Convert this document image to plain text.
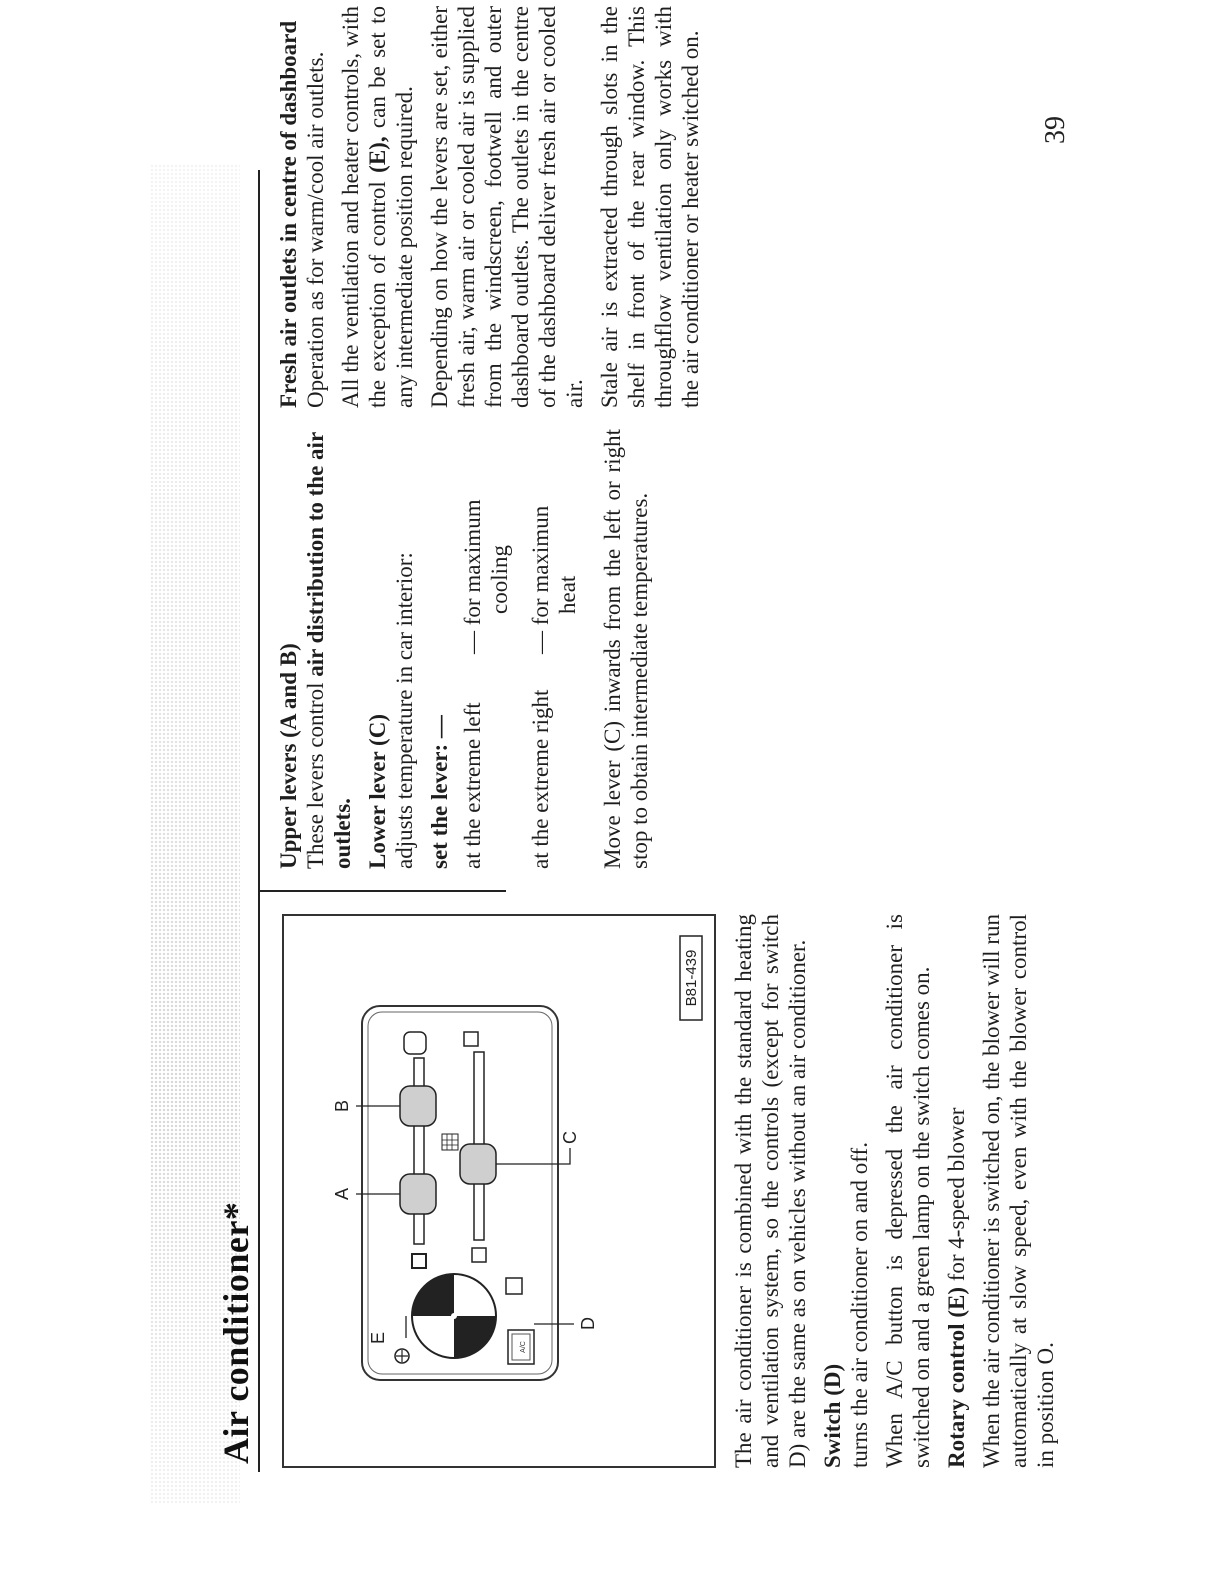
Air conditioner*
A/C
E
A
B
C
D
B81-439 The air conditioner is combined with the standard heating and ventilation system, so the controls (except for switch D) are the same as on vehicles without an air conditioner. Switch (D) turns the air conditioner on and off. When A/C button is depressed the air conditioner is switched on and a green lamp on the switch comes on. Rotary control (E) for 4-speed blower When the air conditioner is switched on, the blower will run automatically at slow speed, even with the blower control in position O.

Upper levers (A and B) These levers control air distribution to the air outlets. Lower lever (C) adjusts temperature in car interior: set the lever: — at the extreme left
— for maximum cooling
at the extreme right
— for maximun heat Move lever (C) inwards from the left or right stop to obtain intermediate temperatures.

Fresh air outlets in centre of dashboard Operation as for warm/cool air outlets. All the ventilation and heater controls, with the exception of control (E), can be set to any intermediate position required. Depending on how the levers are set, either fresh air, warm air or cooled air is supplied from the windscreen, footwell and outer dashboard outlets. The outlets in the centre of the dashboard deliver fresh air or cooled air. Stale air is extracted through slots in the shelf in front of the rear window. This throughflow ventilation only works with the air conditioner or heater switched on.	39
